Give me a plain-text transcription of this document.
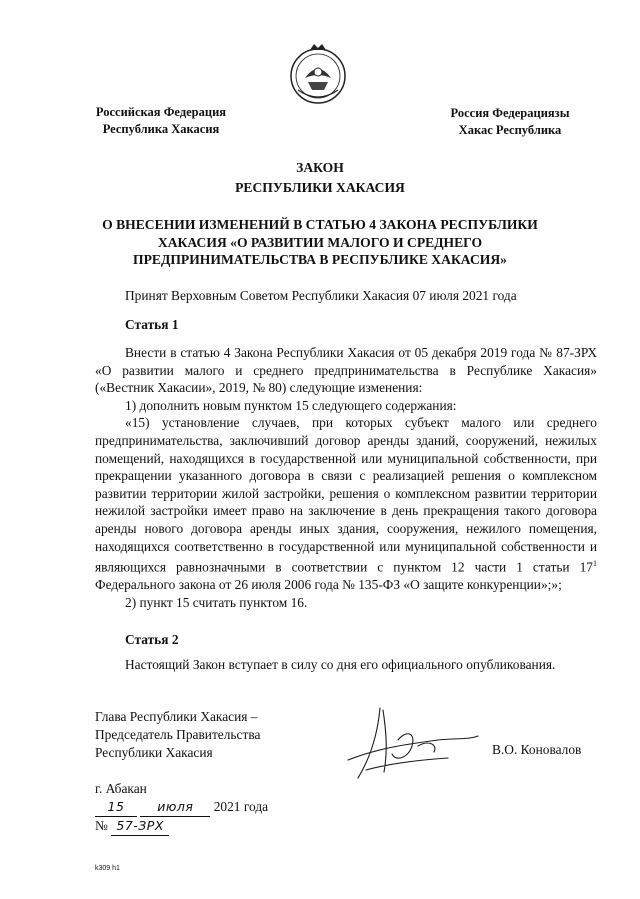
Российская Федерация
Республика Хакасия
Россия Федерациязы
Хакас Республика
ЗАКОН
РЕСПУБЛИКИ ХАКАСИЯ
О ВНЕСЕНИИ ИЗМЕНЕНИЙ В СТАТЬЮ 4 ЗАКОНА РЕСПУБЛИКИ ХАКАСИЯ «О РАЗВИТИИ МАЛОГО И СРЕДНЕГО ПРЕДПРИНИМАТЕЛЬСТВА В РЕСПУБЛИКЕ ХАКАСИЯ»
Принят Верховным Советом Республики Хакасия 07 июля 2021 года
Статья 1

Внести в статью 4 Закона Республики Хакасия от 05 декабря 2019 года № 87-ЗРХ «О развитии малого и среднего предпринимательства в Республике Хакасия» («Вестник Хакасии», 2019, № 80) следующие изменения:

1) дополнить новым пунктом 15 следующего содержания:

«15) установление случаев, при которых субъект малого или среднего предпринимательства, заключивший договор аренды зданий, сооружений, нежилых помещений, находящихся в государственной или муниципальной собственности, при прекращении указанного договора в связи с реализацией решения о комплексном развитии территории жилой застройки, решения о комплексном развитии территории нежилой застройки имеет право на заключение в день прекращения такого договора аренды нового договора аренды иных здания, сооружения, нежилого помещения, находящихся соответственно в государственной или муниципальной собственности и являющихся равнозначными в соответствии с пунктом 12 части 1 статьи $17^1$ Федерального закона от 26 июля 2006 года № 135-ФЗ «О защите конкуренции»;»;

2) пункт 15 считать пунктом 16.

Статья 2
Настоящий Закон вступает в силу со дня его официального опубликования.
Глава Республики Хакасия –
Председатель Правительства
Республики Хакасия	В.О. Коновалов
г. Абакан
15	июля 2021 года
№ 57-ЗРХ
k309 h1
